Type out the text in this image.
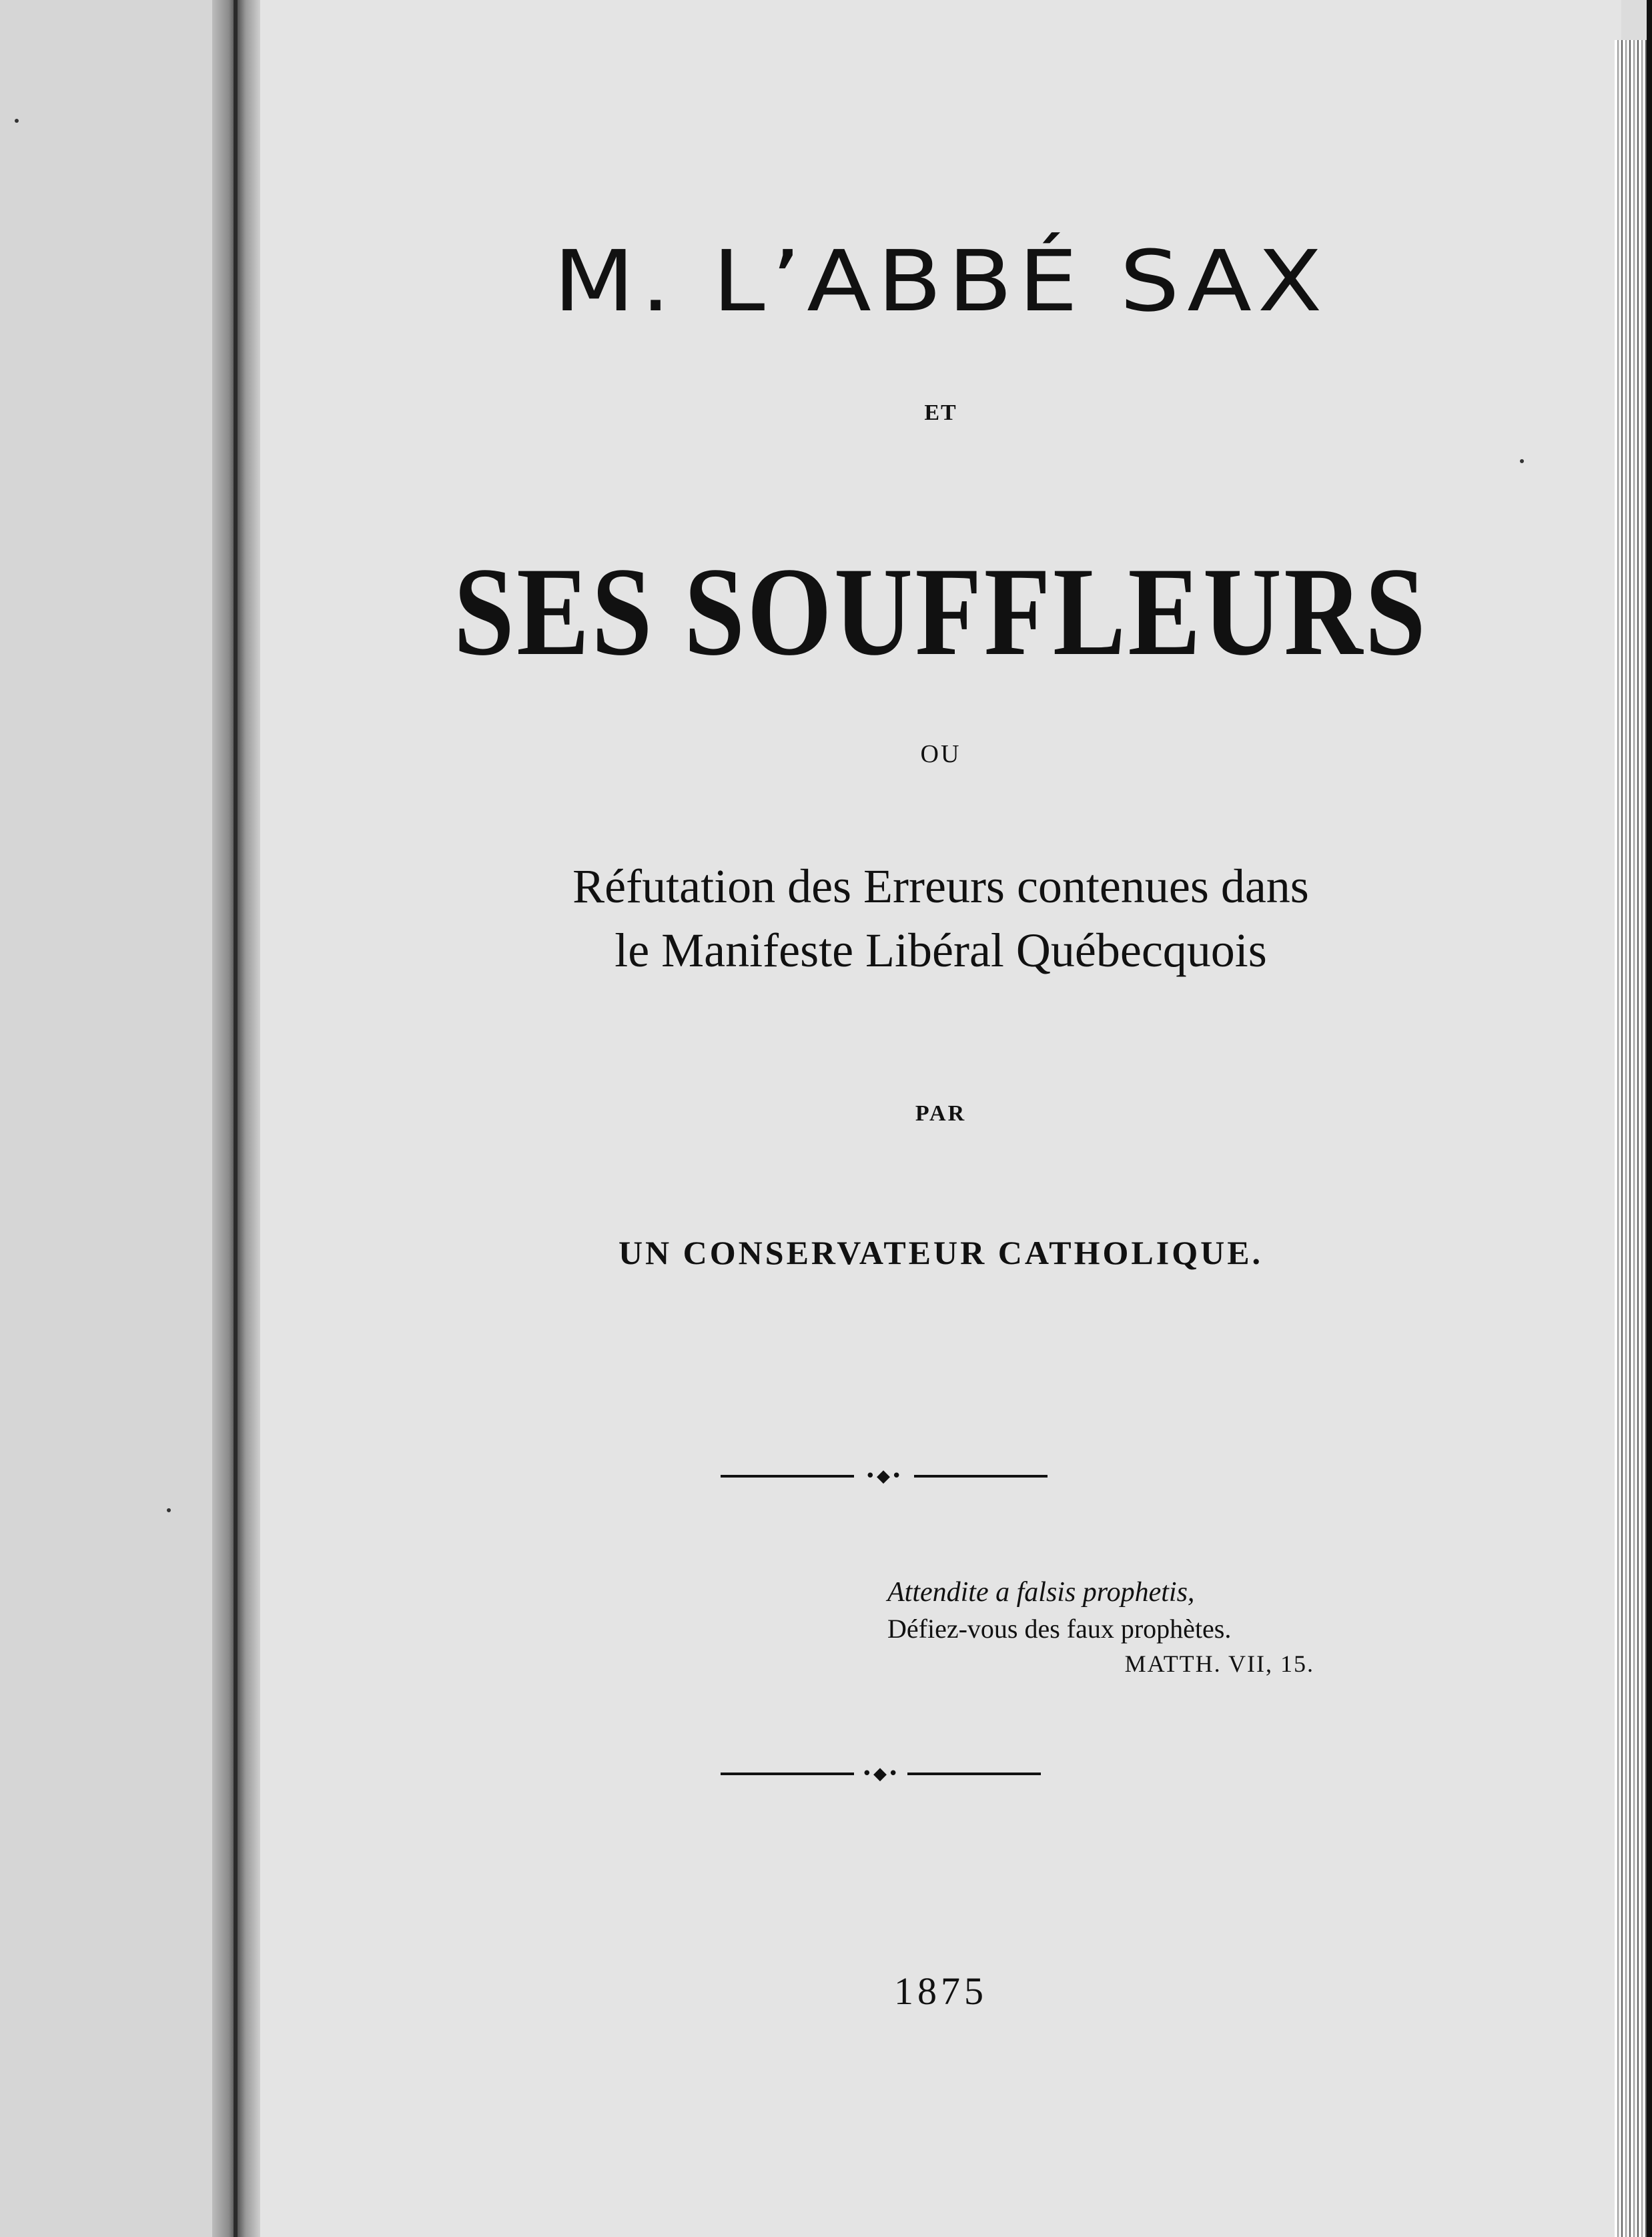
M. L’ABBÉ SAX
ET
SES SOUFFLEURS
OU
Réfutation des Erreurs contenues dans
le Manifeste Libéral Québecquois
PAR
UN CONSERVATEUR CATHOLIQUE.
•◆•
Attendite a falsis prophetis,
Défiez-vous des faux prophètes.
MATTH. VII, 15.
•◆•
1875
